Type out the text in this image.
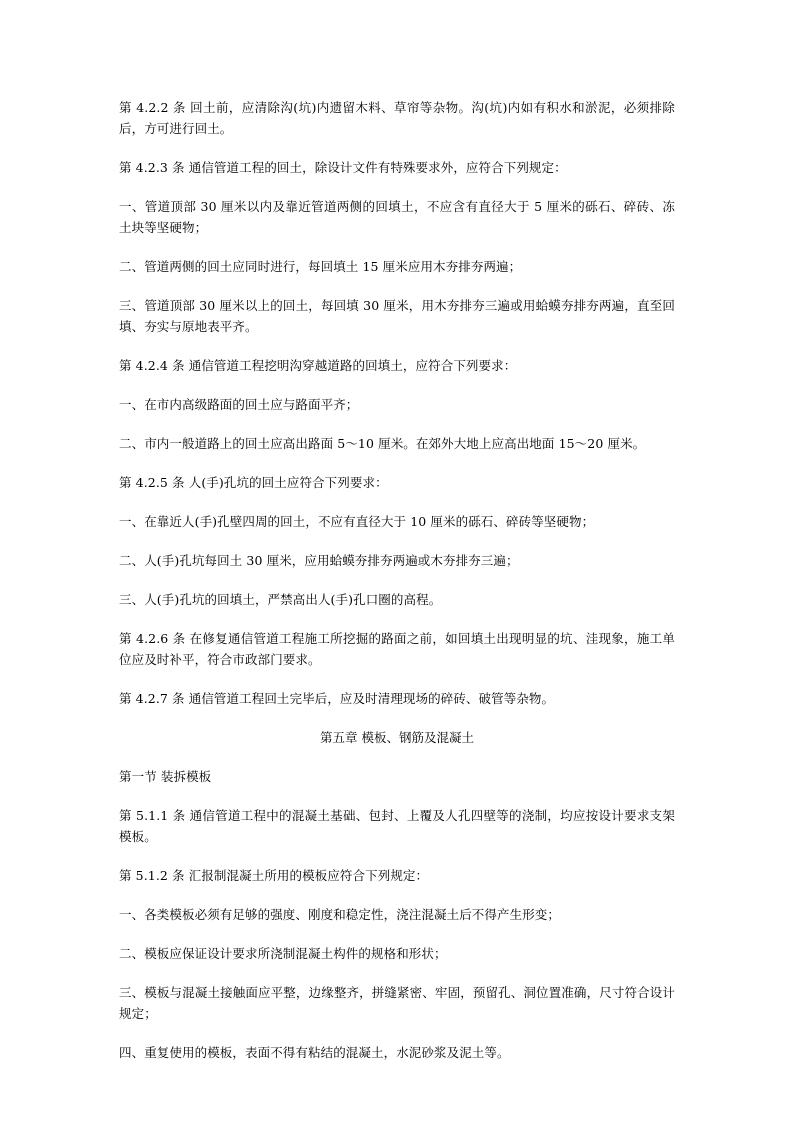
第 4.2.2 条 回土前，应清除沟(坑)内遗留木料、草帘等杂物。沟(坑)内如有积水和淤泥，必须排除后，方可进行回土。

第 4.2.3 条 通信管道工程的回土，除设计文件有特殊要求外，应符合下列规定：

一、管道顶部 30 厘米以内及靠近管道两侧的回填土，不应含有直径大于 5 厘米的砾石、碎砖、冻土块等坚硬物；

二、管道两侧的回土应同时进行，每回填土 15 厘米应用木夯排夯两遍；

三、管道顶部 30 厘米以上的回土，每回填 30 厘米，用木夯排夯三遍或用蛤蟆夯排夯两遍，直至回填、夯实与原地表平齐。

第 4.2.4 条 通信管道工程挖明沟穿越道路的回填土，应符合下列要求：

一、在市内高级路面的回土应与路面平齐；

二、市内一般道路上的回土应高出路面 5～10 厘米。在郊外大地上应高出地面 15～20 厘米。

第 4.2.5 条 人(手)孔坑的回土应符合下列要求：

一、在靠近人(手)孔壁四周的回土，不应有直径大于 10 厘米的砾石、碎砖等坚硬物；

二、人(手)孔坑每回土 30 厘米，应用蛤蟆夯排夯两遍或木夯排夯三遍；

三、人(手)孔坑的回填土，严禁高出人(手)孔口圈的高程。

第 4.2.6 条 在修复通信管道工程施工所挖掘的路面之前，如回填土出现明显的坑、洼现象，施工单位应及时补平，符合市政部门要求。

第 4.2.7 条 通信管道工程回土完毕后，应及时清理现场的碎砖、破管等杂物。

第五章 模板、钢筋及混凝土

第一节 装拆模板

第 5.1.1 条 通信管道工程中的混凝土基础、包封、上覆及人孔四壁等的浇制，均应按设计要求支架模板。

第 5.1.2 条 汇报制混凝土所用的模板应符合下列规定：

一、各类模板必须有足够的强度、刚度和稳定性，浇注混凝土后不得产生形变；

二、模板应保证设计要求所浇制混凝土构件的规格和形状；

三、模板与混凝土接触面应平整，边缘整齐，拼缝紧密、牢固，预留孔、洞位置准确，尺寸符合设计规定；

四、重复使用的模板，表面不得有粘结的混凝土，水泥砂浆及泥土等。
